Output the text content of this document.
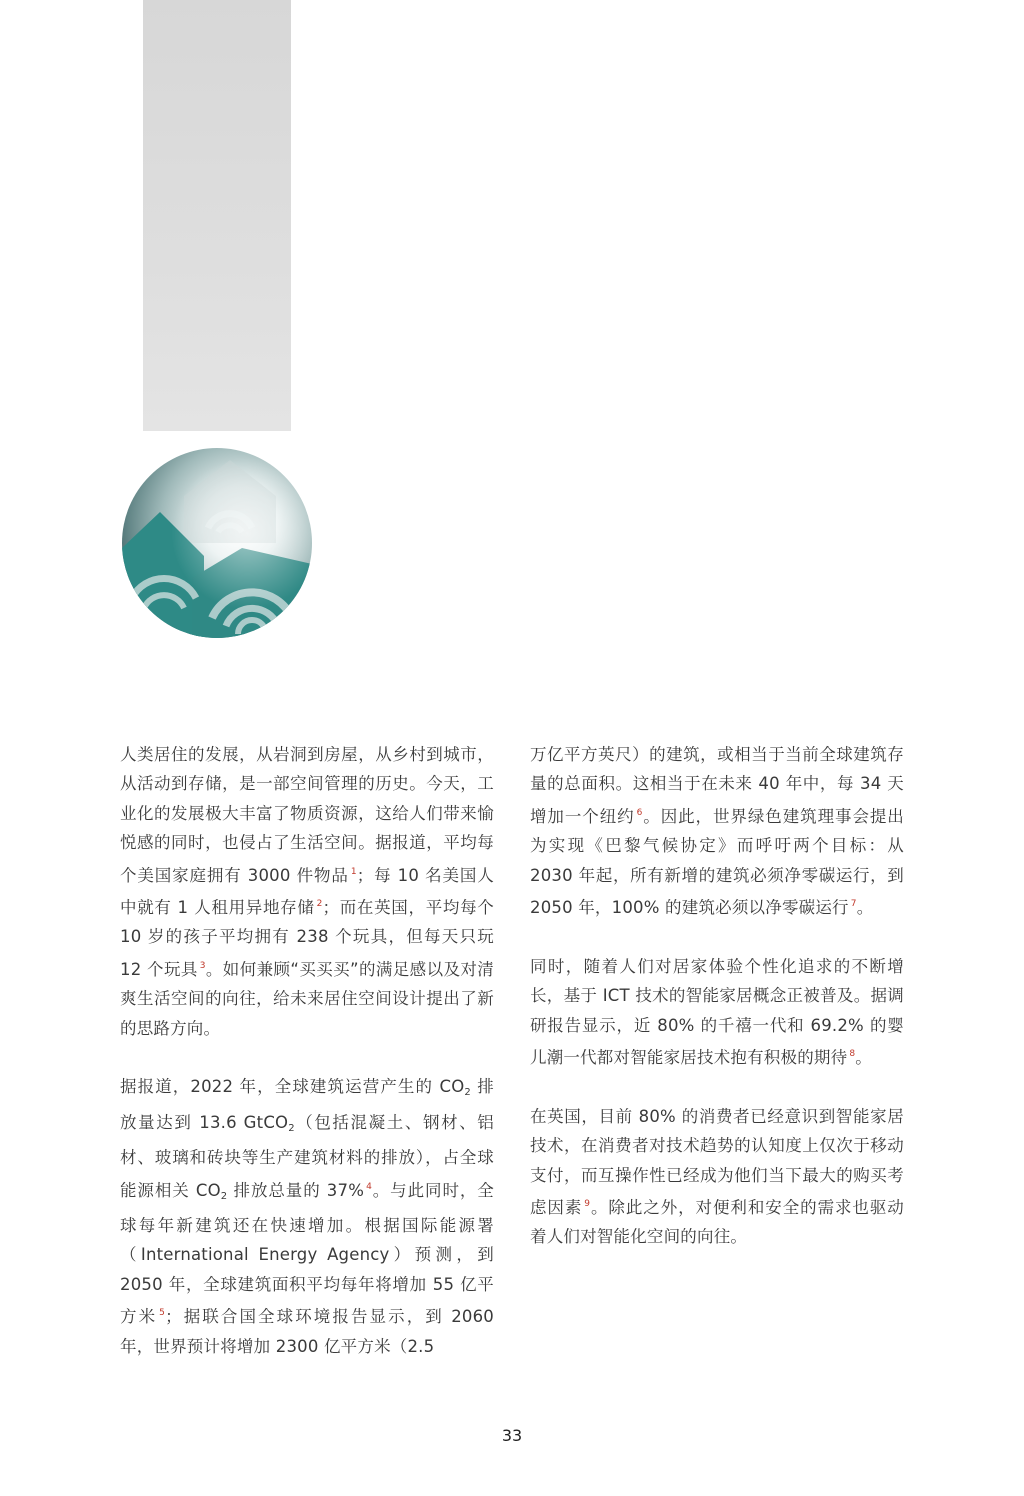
人类居住的发展，从岩洞到房屋，从乡村到城市，从活动到存储，是一部空间管理的历史。今天，工业化的发展极大丰富了物质资源，这给人们带来愉悦感的同时，也侵占了生活空间。据报道，平均每个美国家庭拥有 3000 件物品 $^1$；每 10 名美国人中就有 1 人租用异地存储 $^2$；而在英国，平均每个 10 岁的孩子平均拥有 238 个玩具，但每天只玩 12 个玩具 $^3$。如何兼顾“买买买”的满足感以及对清爽生活空间的向往，给未来居住空间设计提出了新的思路方向。

据报道，2022 年，全球建筑运营产生的 $CO_2$ 排放量达到 13.6 GtCO$_2$（包括混凝土、钢材、铝材、玻璃和砖块等生产建筑材料的排放），占全球能源相关 $CO_2$ 排放总量的 37% $^4$。与此同时，全球每年新建筑还在快速增加。根据国际能源署（International Energy Agency）预测，到 2050 年，全球建筑面积平均每年将增加 55 亿平方米 $^5$；据联合国全球环境报告显示，到 2060 年，世界预计将增加 2300 亿平方米（2.5

万亿平方英尺）的建筑，或相当于当前全球建筑存量的总面积。这相当于在未来 40 年中，每 34 天增加一个纽约 $^6$。因此，世界绿色建筑理事会提出为实现《巴黎气候协定》而呼吁两个目标：从 2030 年起，所有新增的建筑必须净零碳运行，到 2050 年，100% 的建筑必须以净零碳运行 $^7$。

同时，随着人们对居家体验个性化追求的不断增长，基于 ICT 技术的智能家居概念正被普及。据调研报告显示，近 80% 的千禧一代和 69.2% 的婴儿潮一代都对智能家居技术抱有积极的期待 $^8$。

在英国，目前 80% 的消费者已经意识到智能家居技术，在消费者对技术趋势的认知度上仅次于移动支付，而互操作性已经成为他们当下最大的购买考虑因素 $^9$。除此之外，对便利和安全的需求也驱动着人们对智能化空间的向往。

33
